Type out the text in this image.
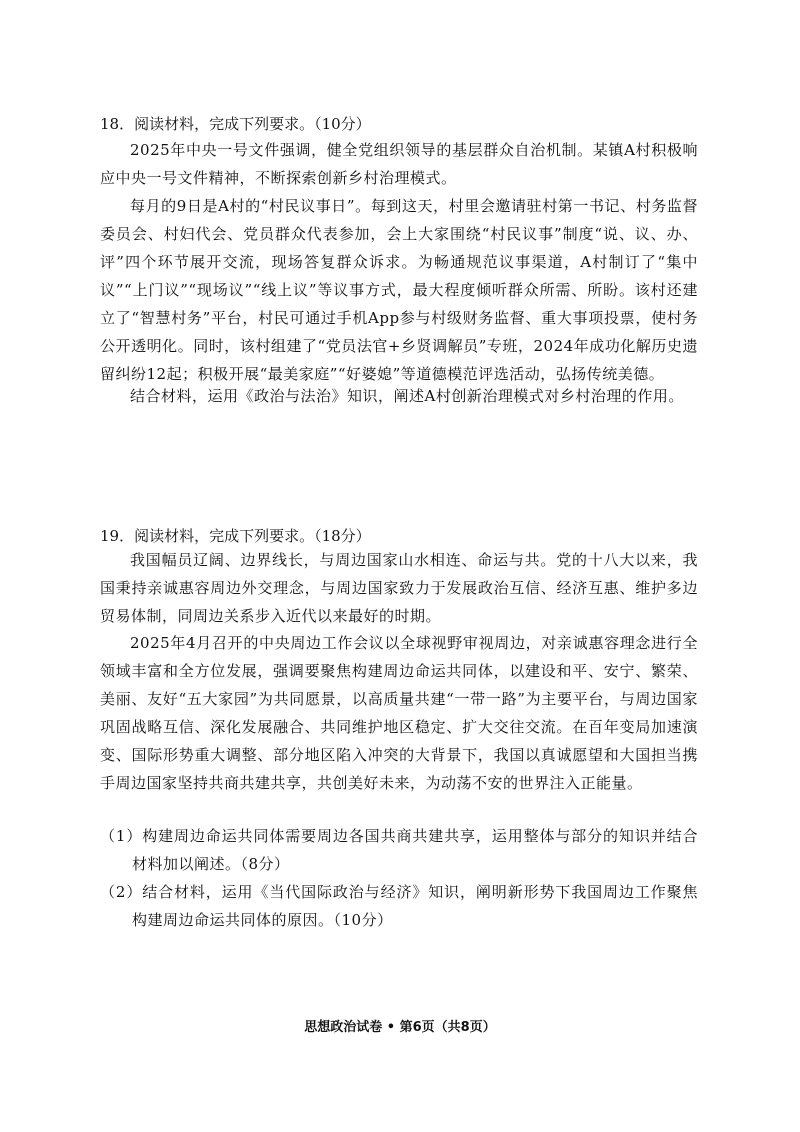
18．阅读材料，完成下列要求。（10分）
2025年中央一号文件强调，健全党组织领导的基层群众自治机制。某镇A村积极响应中央一号文件精神，不断探索创新乡村治理模式。
每月的9日是A村的“村民议事日”。每到这天，村里会邀请驻村第一书记、村务监督委员会、村妇代会、党员群众代表参加，会上大家围绕“村民议事”制度“说、议、办、评”四个环节展开交流，现场答复群众诉求。为畅通规范议事渠道，A村制订了“集中议”“上门议”“现场议”“线上议”等议事方式，最大程度倾听群众所需、所盼。该村还建立了“智慧村务”平台，村民可通过手机App参与村级财务监督、重大事项投票，使村务公开透明化。同时，该村组建了“党员法官+乡贤调解员”专班，2024年成功化解历史遗留纠纷12起；积极开展“最美家庭”“好婆媳”等道德模范评选活动，弘扬传统美德。
结合材料，运用《政治与法治》知识，阐述A村创新治理模式对乡村治理的作用。
19．阅读材料，完成下列要求。（18分）
我国幅员辽阔、边界线长，与周边国家山水相连、命运与共。党的十八大以来，我国秉持亲诚惠容周边外交理念，与周边国家致力于发展政治互信、经济互惠、维护多边贸易体制，同周边关系步入近代以来最好的时期。
2025年4月召开的中央周边工作会议以全球视野审视周边，对亲诚惠容理念进行全领域丰富和全方位发展，强调要聚焦构建周边命运共同体，以建设和平、安宁、繁荣、美丽、友好“五大家园”为共同愿景，以高质量共建“一带一路”为主要平台，与周边国家巩固战略互信、深化发展融合、共同维护地区稳定、扩大交往交流。在百年变局加速演变、国际形势重大调整、部分地区陷入冲突的大背景下，我国以真诚愿望和大国担当携手周边国家坚持共商共建共享，共创美好未来，为动荡不安的世界注入正能量。
（1）构建周边命运共同体需要周边各国共商共建共享，运用整体与部分的知识并结合材料加以阐述。（8分）
（2）结合材料，运用《当代国际政治与经济》知识，阐明新形势下我国周边工作聚焦构建周边命运共同体的原因。（10分）
思想政治试卷 • 第6页（共8页）
